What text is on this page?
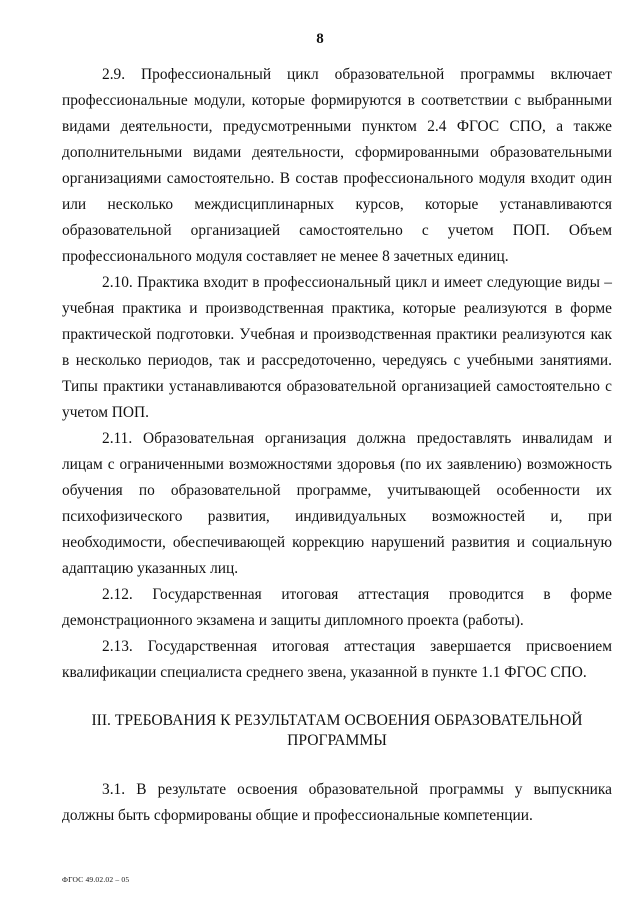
8

2.9. Профессиональный цикл образовательной программы включает профессиональные модули, которые формируются в соответствии с выбранными видами деятельности, предусмотренными пунктом 2.4 ФГОС СПО, а также дополнительными видами деятельности, сформированными образовательными организациями самостоятельно. В состав профессионального модуля входит один или несколько междисциплинарных курсов, которые устанавливаются образовательной организацией самостоятельно с учетом ПОП. Объем профессионального модуля составляет не менее 8 зачетных единиц.

2.10. Практика входит в профессиональный цикл и имеет следующие виды – учебная практика и производственная практика, которые реализуются в форме практической подготовки. Учебная и производственная практики реализуются как в несколько периодов, так и рассредоточенно, чередуясь с учебными занятиями. Типы практики устанавливаются образовательной организацией самостоятельно с учетом ПОП.

2.11. Образовательная организация должна предоставлять инвалидам и лицам с ограниченными возможностями здоровья (по их заявлению) возможность обучения по образовательной программе, учитывающей особенности их психофизического развития, индивидуальных возможностей и, при необходимости, обеспечивающей коррекцию нарушений развития и социальную адаптацию указанных лиц.

2.12. Государственная итоговая аттестация проводится в форме демонстрационного экзамена и защиты дипломного проекта (работы).

2.13. Государственная итоговая аттестация завершается присвоением квалификации специалиста среднего звена, указанной в пункте 1.1 ФГОС СПО.

III. ТРЕБОВАНИЯ К РЕЗУЛЬТАТАМ ОСВОЕНИЯ ОБРАЗОВАТЕЛЬНОЙ
ПРОГРАММЫ

3.1. В результате освоения образовательной программы у выпускника должны быть сформированы общие и профессиональные компетенции.

ФГОС 49.02.02 – 05
